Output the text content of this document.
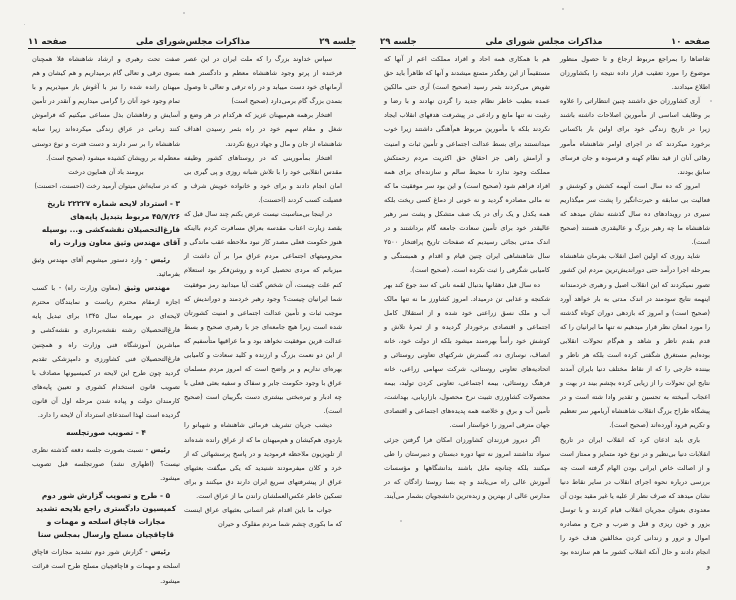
جلسه ۲۹
مذاکرات مجلس‌شورای ملی
صفحه ۱۱

سپاس خداوند بزرگ را که ملت ایران در این عصر فرخنده از پرتو وجود شاهنشاه معظم و دادگستر همه آرمانهای خود دست مییابد و در راه ترقی و تعالی تا وصول بتمدن بزرگ گام برمی‌دارد (صحیح است)

افتخار برهمه هم‌میهنان عزیز که هرکدام در هر وضع و شغل و مقام سهم خود در راه بثمر رسیدن اهداف شاهنشاه از جان و مال و جهاد دریغ نکردند.

افتخار بمأمورینی که در روستاهای کشور وظیفه مقدس انقلابی خود را با تلاش شبانه روزی و پی گیری بی امان انجام دادند و برای خود و خانواده خویش شرف و فضیلت کسب کردند (احسنت).

در اینجا بی‌مناسبت نیست عرض بکنم چند سال قبل که بقصد زیارت اعتاب مقدسه بعراق مسافرت کردم بااینکه هنوز حکومت فعلی مصدر کار نبود ملاحظه عقب ماندگی و محرومیتهای اجتماعی مردم عراق مرا بر آن داشت از میزبانم که مردی تحصیل کرده و روشن‌فکر بود استعلام کنم علت چیست، آن شخص گفت آیا میدانید رمز موفقیت شما ایرانیان چیست؟ وجود رهبر خردمند و دوراندیش که موجب ثبات و تأمین عدالت اجتماعی و امنیت کشورتان شده است زیرا هیچ جامعه‌ای جز با رهبری صحیح و بسط عدالت قرین موفقیت نخواهد بود و ما عراقیها متأسفیم که از این دو نعمت بزرگ و ارزنده و کلید سعادت و کامیابی بهره‌ای نداریم و بر واضح است که امروز مردم مسلمان عراق با وجود حکومت جابر و سفاک و سفیه بعثی فعلی با چه ادبار و تیره‌بختی بیشتری دست بگریبان است (صحیح است).

دیشب جریان تشریف فرمائی شاهنشاه و شهبانو را باردوی هم‌کیشان و هم‌میهنان ما که از عراق رانده شده‌اند از تلویزیون ملاحظه فرمودید و در پاسخ پرسشهائی که از خرد و کلان میفرمودند شنیدید که یکی میگفت بعثیهای عراق از پیشرفتهای سریع ایران دارند دق میکنند و برای تسکین خاطر عکس‌العملشان راندن ما از عراق است.

جواب ما باین اقدام غیر انسانی بعثیهای عراق اینست که ما بکوری چشم شما مردم مفلوک و حیران

صفت تحت رهبری و ارشاد شاهنشاه فلا همچنان بسوی ترقی و تعالی گام برمیداریم و هم کیشان و هم میهنان رانده شده را نیز با آغوش باز میپذیریم و با تمام وجود خود آنان را گرامی میداریم و آنقدر در تأمین آسایش و رفاهشان بذل مساعی میکنیم که فراموش کنند زمانی در عراق زندگی میکرده‌اند زیرا سایه شاهنشاه را بر سر دارند و دست فترت و نوع دوستی معظم‌له بر رویشان کشیده میشود (صحیح است).

برومند باد آن همایون درخت

که در سایه‌اش میتوان آرمید رخت (احسنت، احسنت)

۳ - استرداد لایحه شماره ۲۲۲۲۷ تاریخ ۴۵/۷/۲۶ مربوط بتبدیل پایه‌های فارغ‌التحصیلان نقشه‌کشی و... بوسیله آقای مهندس وثیق معاون وزارت راه

رئیس - وارد دستور میشویم آقای مهندس وثیق بفرمائید.

مهندس وثیق (معاون وزارت راه) - با کسب اجازه ازمقام محترم ریاست و نمایندگان محترم لایحه‌ای در مهرماه سال ۱۳۴۵ برای تبدیل پایه فارغ‌التحصیلان رشته نقشه‌برداری و نقشه‌کشی و مباشرین آموزشگاه فنی وزارت راه و همچنین فارغ‌التحصیلان فنی کشاورزی و دامپزشکی تقدیم گردید چون طرح این لایحه در کمیسیونها مصادف با تصویب قانون استخدام کشوری و تعیین پایه‌های کارمندان دولت و پیاده شدن مرحله اول آن قانون گردیده است لهذا استدعای استرداد آن لایحه را دارد.

۴ - تصویب صورتجلسه

رئیس - نسبت بصورت جلسه دفعه گذشته نظری نیست؟ (اظهاری نشد) صورتجلسه قبل تصویب میشود.

۵ - طرح و تصویب گزارش شور دوم کمیسیون دادگستری راجع بلایحه تشدید مجازات قاچاق اسلحه و مهمات و قاچاقچیان مسلح وارسال بمجلس سنا

رئیس - گزارش شور دوم تشدید مجازات قاچاق اسلحه و مهمات و قاچاقچیان مسلح طرح است قرائت میشود.

صفحه ۱۰
مذاکرات مجلس شورای ملی
جلسه ۲۹

تقاضاها را بمراجع مربوط ارجاع و تا حصول منظور موضوع را مورد تعقیب قرار داده نتیجه را بکشاورزان اطلاع میدادند.

آری کشاورزان حق داشتند چنین انتظاراتی را علاوه بر وظایف اساسی از مأمورین اصلاحات داشته باشند زیرا در تاریخ زندگی خود برای اولین بار باکسانی برخورد میکردند که در اجرای اوامر شاهنشاه مأمور رهائی آنان از قید نظام کهنه و فرسوده و جان فرسای سابق بودند.

امروز که ده سال است آنهمه کشش و کوشش و فعالیت بی سابقه و حیرت‌انگیز را پشت سر میگذاریم سیری در رویدادهای ده سال گذشته نشان میدهد که شاهنشاه ما چه رهبر بزرگ و عالیقدری هستند (صحیح است).

شاید روزی که اولین اصل انقلاب بفرمان شاهنشاه بمرحله اجرا درآمد حتی دوراندیش‌ترین مردم این کشور تصور نمیکردند که این انقلاب اصیل و رهبری خردمندانه اینهمه نتایج سودمند در اندک مدتی به بار خواهد آورد (صحیح است) و امروز که بازدهی دوران کوتاه گذشته را مورد امعان نظر قرار میدهیم نه تنها ما ایرانیان را که قدم بقدم ناظر و شاهد و هم‌گام تحولات انقلابی بوده‌ایم مستغرق شگفتی کرده است بلکه هر ناظر و بیننده خارجی را که از نقاط مختلف دنیا بایران آمدند نتایج این تحولات را از زیابی کرده بچشم بیند در بهت و اعجاب آمیخته به تحسین و تقدیر وادا شته است و در پیشگاه طراح بزرگ انقلاب شاهنشاه آریامهر سر تعظیم و تکریم فرود آورده‌اند (صحیح است).

باری باید اذعان کرد که انقلاب ایران در تاریخ انقلابات دنیا بی‌نظیر و در نوع خود متمایز و ممتاز است و از اصالت خاص ایرانی بودن الهام گرفته است چه بررسی درباره نحوه اجرای انقلاب در سایر نقاط دنیا نشان میدهد که صرف نظر از علیه یا غیر مقید بودن آن معدودی بعنوان مجریان انقلاب قیام کردند و با توسل بزور و خون ریزی و قتل و ضرب و جرح و مصادره اموال و ترور و زندانی کردن مخالفین هدف خود را انجام دادند و حال آنکه انقلاب کشور ما هم سازنده بود و

هم با همکاری همه احاد و افراد مملکت اعم از آنها که مستقیماً از این رهگذر متمتع میشدند و آنها که ظاهراً باید حق تفویض می‌کردند بثمر رسید (صحیح است) آری حتی مالکین عمده بطیب خاطر نظام جدید را گردن نهادند و با رضا و رغبت نه تنها مانع و رادعی در پیشرفت هدفهای انقلاب ایجاد نکردند بلکه با مأمورین مربوط هم‌آهنگی داشتند زیرا خوب میدانستند برای بسط عدالت اجتماعی و تأمین ثبات و امنیت و آرامش راهی جز احقاق حق اکثریت مردم زحمتکش مملکت وجود ندارد تا محیط سالم و سازنده‌ای برای همه افراد فراهم شود (صحیح است) و این بود سر موفقیت ما که نه مالی مصادره گردید و نه خونی از دماغ کسی ریخت بلکه همه یکدل و یک رأی در یک صف متشکل و پشت سر رهبر عالیقدر خود برای تأمین سعادت جامعه گام برداشتند و در اندک مدتی بجائی رسیدیم که صفحات تاریخ پرافتخار ۲۵۰۰ سال شاهنشاهی ایران چنین قیام و اقدام و همبستگی و کامیابی شگرفی را ثبت نکرده است. (صحیح است).

ده سال قبل دهقانها بدنبال لقمه نانی که سد جوع کند بهر شکنجه و عذابی تن درمیداد. امروز کشاورز ما نه تنها مالک آب و ملک نسق زراعتی خود شده و از استقلال کامل اجتماعی و اقتصادی برخوردار گردیده و از ثمرهٔ تلاش و کوشش خود رأساً بهره‌مند میشود بلکه از دولت خود، خانه انصاف، نوسازی ده، گسترش شرکتهای تعاونی روستائی و اتحادیه‌های تعاونی روستائی، شرکت سهامی زراعی، خانه فرهنگ روستائی، بیمه اجتماعی، تعاونی کردن تولید، بیمه محصولات کشاورزی تثبیت نرخ محصول، بازاریابی، بهداشت، تأمین آب و برق و خلاصه همه پدیده‌های اجتماعی و اقتصادی جهان مترقی امروز را خواستار است.

اگر دیروز فرزندان کشاورزان امکان فرا گرفتن جزئی سواد نداشتند امروز نه تنها دوره دبستان و دبیرستان را طی میکنند بلکه چنانچه مایل باشند بدانشگاهها و مؤسسات آموزش عالی راه می‌یابند و چه بسا روستا زادگان که در مدارس عالی از بهترین و زبده‌ترین دانشجویان بشمار می‌آیند.
